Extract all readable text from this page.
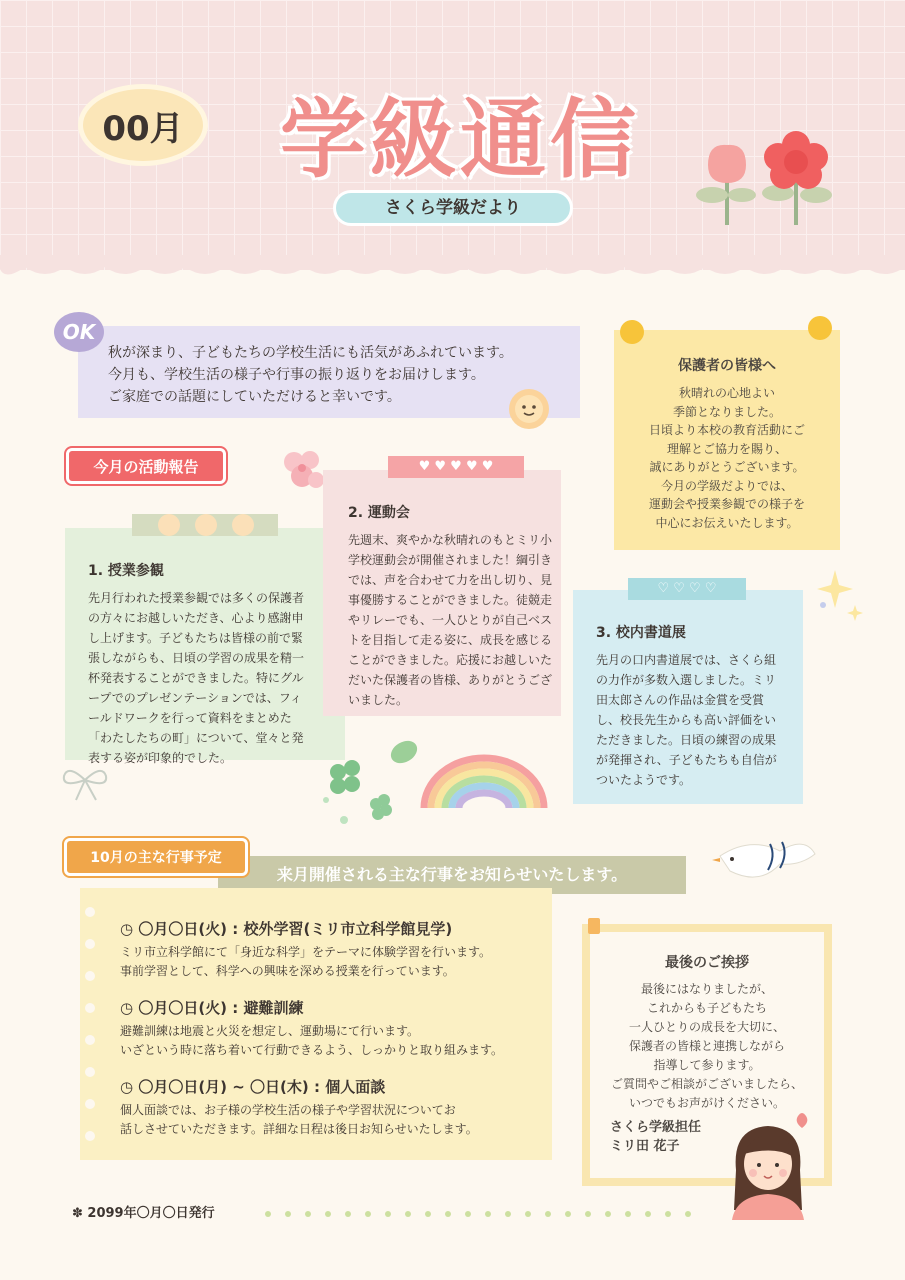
00月	学級通信
さくら学級だより
OK
秋が深まり、子どもたちの学校生活にも活気があふれています。
今月も、学校生活の様子や行事の振り返りをお届けします。
ご家庭での話題にしていただけると幸いです。
保護者の皆様へ
秋晴れの心地よい
季節となりました。
日頃より本校の教育活動にご
理解とご協力を賜り、
誠にありがとうございます。
今月の学級だよりでは、
運動会や授業参観での様子を
中心にお伝えいたします。
今月の活動報告
1. 授業参観
先月行われた授業参観では多くの保護者
の方々にお越しいただき、心より感謝申
し上げます。子どもたちは皆様の前で緊
張しながらも、日頃の学習の成果を精一
杯発表することができました。特にグル
ープでのプレゼンテーションでは、フィ
ールドワークを行って資料をまとめた
「わたしたちの町」について、堂々と発
表する姿が印象的でした。
♥ ♥ ♥ ♥ ♥
2. 運動会
先週末、爽やかな秋晴れのもとミリ小
学校運動会が開催されました！綱引き
では、声を合わせて力を出し切り、見
事優勝することができました。徒競走
やリレーでも、一人ひとりが自己ベス
トを目指して走る姿に、成長を感じる
ことができました。応援にお越しいた
だいた保護者の皆様、ありがとうござ
いました。
♡ ♡ ♡ ♡
3. 校内書道展
先月の口内書道展では、さくら組
の力作が多数入選しました。ミリ
田太郎さんの作品は金賞を受賞
し、校長先生からも高い評価をい
ただきました。日頃の練習の成果
が発揮され、子どもたちも自信が
ついたようです。
来月開催される主な行事をお知らせいたします。
10月の主な行事予定
◷ 〇月〇日(火) : 校外学習(ミリ市立科学館見学)
ミリ市立科学館にて「身近な科学」をテーマに体験学習を行います。
事前学習として、科学への興味を深める授業を行っています。
◷ 〇月〇日(火) : 避難訓練
避難訓練は地震と火災を想定し、運動場にて行います。
いざという時に落ち着いて行動できるよう、しっかりと取り組みます。
◷ 〇月〇日(月) ~ 〇日(木) : 個人面談
個人面談では、お子様の学校生活の様子や学習状況についてお
話しさせていただきます。詳細な日程は後日お知らせいたします。
最後のご挨拶
最後にはなりましたが、
これからも子どもたち
一人ひとりの成長を大切に、
保護者の皆様と連携しながら
指導して参ります。
ご質問やご相談がございましたら、
いつでもお声がけください。
さくら学級担任
ミリ田 花子
✽ 2099年〇月〇日発行
